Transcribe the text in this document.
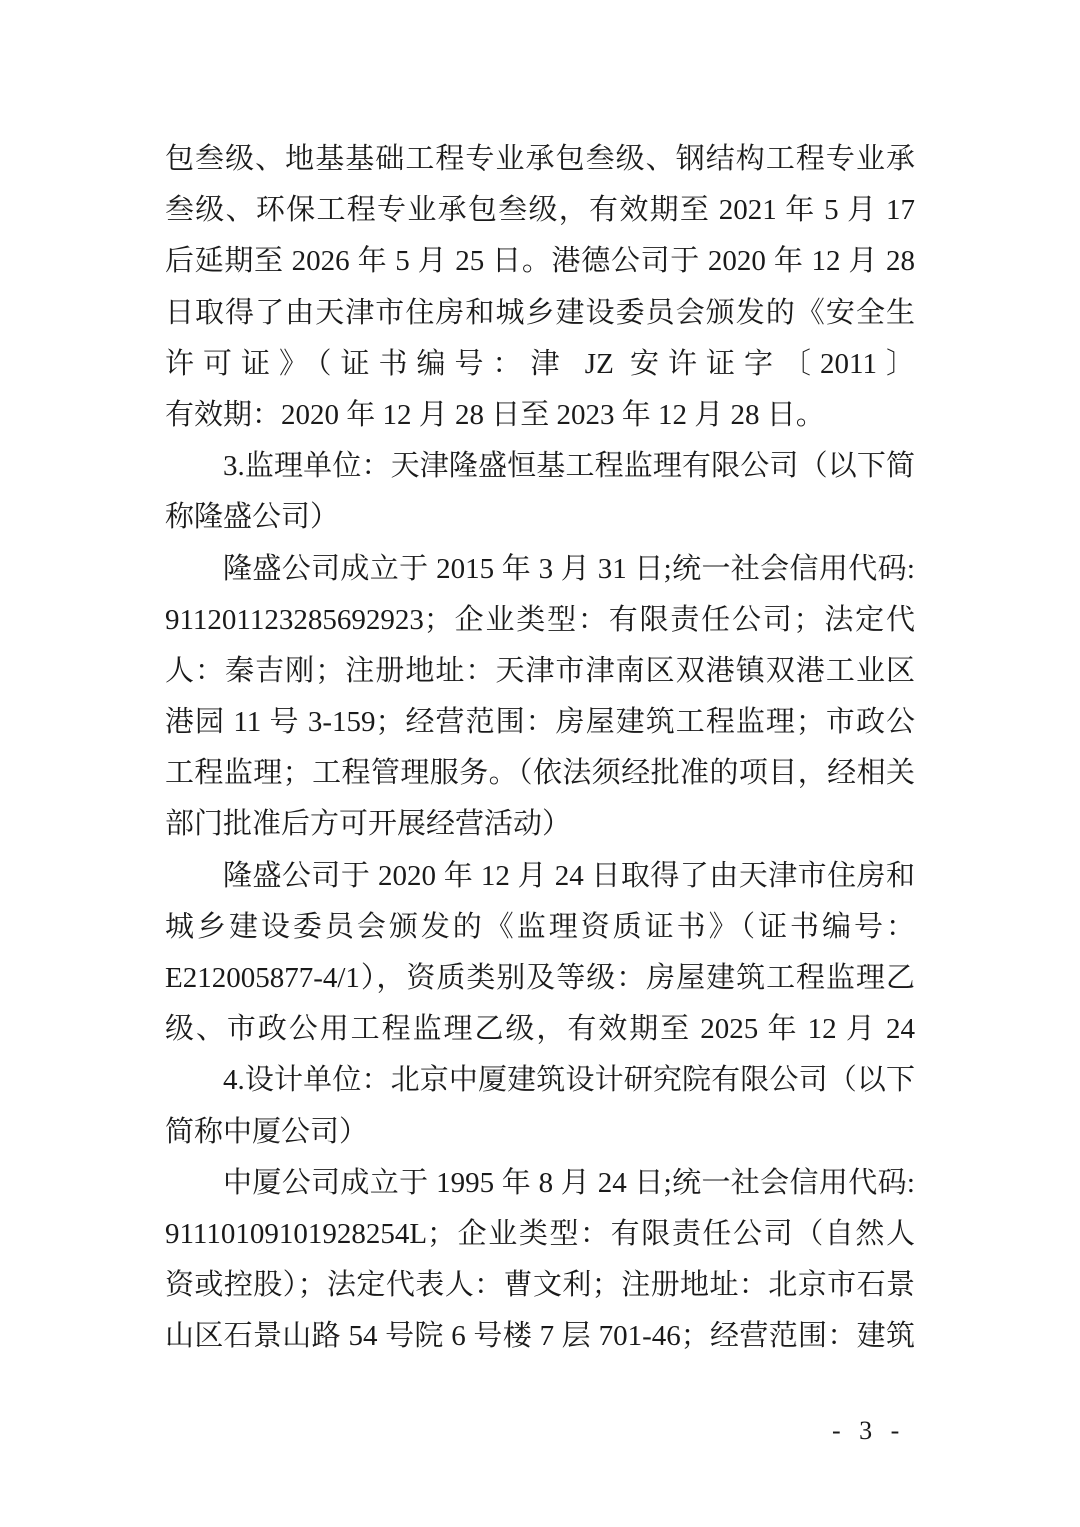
包叁级、地基基础工程专业承包叁级、钢结构工程专业承
叁级、环保工程专业承包叁级，有效期至 2021 年 5 月 17
后延期至 2026 年 5 月 25 日。港德公司于 2020 年 12 月 28
日取得了由天津市住房和城乡建设委员会颁发的《安全生
许可证》（证书编号：津 JZ 安许证字〔2011〕
有效期：2020 年 12 月 28 日至 2023 年 12 月 28 日。
3.监理单位：天津隆盛恒基工程监理有限公司（以下简
称隆盛公司）
隆盛公司成立于 2015 年 3 月 31 日;统一社会信用代码:
911201123285692923；企业类型：有限责任公司；法定代
人：秦吉刚；注册地址：天津市津南区双港镇双港工业区
港园 11 号 3-159；经营范围：房屋建筑工程监理；市政公
工程监理；工程管理服务。（依法须经批准的项目，经相关
部门批准后方可开展经营活动）
隆盛公司于 2020 年 12 月 24 日取得了由天津市住房和
城乡建设委员会颁发的《监理资质证书》（证书编号：
E212005877-4/1），资质类别及等级：房屋建筑工程监理乙
级、市政公用工程监理乙级，有效期至 2025 年 12 月 24
4.设计单位：北京中厦建筑设计研究院有限公司（以下
简称中厦公司）
中厦公司成立于 1995 年 8 月 24 日;统一社会信用代码:
91110109101928254L；企业类型：有限责任公司（自然人
资或控股）；法定代表人：曹文利；注册地址：北京市石景
山区石景山路 54 号院 6 号楼 7 层 701-46；经营范围：建筑
- 3 -
